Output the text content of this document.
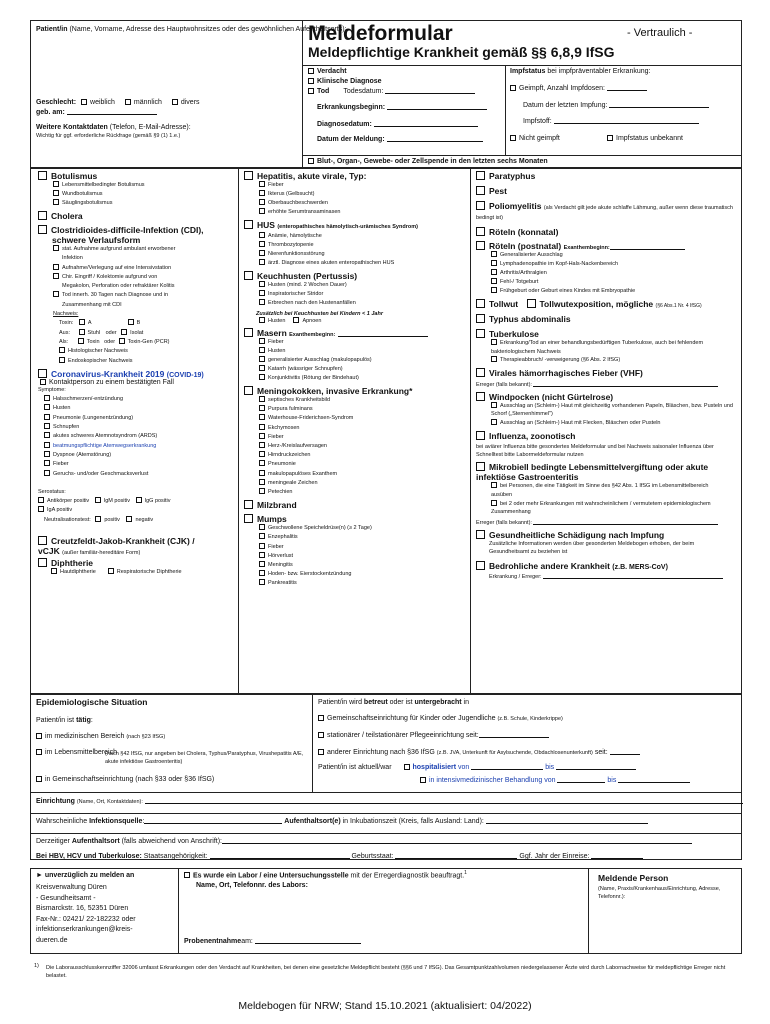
Patient/in (Name, Vorname, Adresse des Hauptwohnsitzes oder des gewöhnlichen Aufenthaltsorts):
Meldeformular	- Vertraulich -
Meldepflichtige Krankheit gemäß §§ 6,8,9 IfSG
Geschlecht: weiblich	männlich	divers
geb. am:
Weitere Kontaktdaten (Telefon, E-Mail-Adresse):
Wichtig für ggf. erforderliche Rückfrage (gemäß §9 (1) 1.e.)
Verdacht
Klinische Diagnose
Tod Todesdatum:
Erkrankungsbeginn:
Diagnosedatum:
Datum der Meldung:
Blut-, Organ-, Gewebe- oder Zellspende in den letzten sechs Monaten
Impfstatus bei impfpräventabler Erkrankung:
Geimpft, Anzahl Impfdosen:
Datum der letzten Impfung:
Impfstoff:
Nicht geimpft	Impfstatus unbekannt
Botulismus
Lebensmittelbedingter Botulismus
Wundbotulismus
Säuglingsbotulismus
Cholera
Clostridioides-difficile-Infektion (CDI),
schwere Verlaufsform
stat. Aufnahme aufgrund ambulant erworbener
Infektion
Aufnahme/Verlegung auf eine Intensivstation
Chir. Eingriff / Kolektomie aufgrund von
Megakolon, Perforation oder refraktärer Kolitis
Tod innerh. 30 Tagen nach Diagnose und in
Zusammenhang mit CDI
Nachweis:
Toxin:	A	B
Aus:	Stuhl oder Isolat
Als:	Toxin oder Toxin-Gen (PCR)
Histologischer Nachweis
Endoskopischer Nachweis
Coronavirus-Krankheit 2019 (COVID-19)
Kontaktperson zu einem bestätigten Fall
Symptome:
Halsschmerzen/-entzündung
Husten
Pneumonie (Lungenentzündung)
Schnupfen
akutes schweres Atemnotsyndrom (ARDS)
beatmungspflichtige Atemwegserkrankung
Dyspnoe (Atemstörung)
Fieber
Geruchs- und/oder Geschmacksverlust
Serostatus:
Antikörper positiv	IgM positiv	IgG positiv
IgA positiv
Neutralisationstest: positiv	negativ
Creutzfeldt-Jakob-Krankheit (CJK) /
vCJK (außer familiär-hereditäre Form)
Diphtherie
Hautdiphtherie	Respiratorische Diphtherie
Hepatitis, akute virale, Typ:
Fieber
Ikterus (Gelbsucht)
Oberbauchbeschwerden
erhöhte Serumtransaminasen
HUS (enteropathisches hämolytisch-urämisches Syndrom)
Anämie, hämolytische
Thrombozytopenie
Nierenfunktionsstörung
ärztl. Diagnose eines akuten enteropathischen HUS
Keuchhusten (Pertussis)
Husten (mind. 2 Wochen Dauer)
Inspiratorischer Stridor
Erbrechen nach den Hustenanfällen
Zusätzlich bei Keuchhusten bei Kindern < 1 Jahr
Husten	Apnoen
Masern Exanthembeginn:
Fieber
Husten
generalisierter Ausschlag (makulopapulös)
Katarrh (wässriger Schnupfen)
Konjunktivitis (Rötung der Bindehaut)
Meningokokken, invasive Erkrankung*
septisches Krankheitsbild
Purpura fulminans
Waterhouse-Friderichsen-Syndrom
Ekchymosen
Fieber
Herz-/Kreislaufversagen
Hirndruckzeichen
Pneumonie
makulopapulöses Exanthem
meningeale Zeichen
Petechien
Milzbrand
Mumps
Geschwollene Speicheldrüse(n) (≥ 2 Tage)
Enzephalitis
Fieber
Hörverlust
Meningitis
Hoden- bzw. Eierstockentzündung
Pankreatitis
Paratyphus
Pest
Poliomyelitis (als Verdacht gilt jede akute schlaffe Lähmung, außer wenn diese traumatisch bedingt ist)
Röteln (konnatal)
Röteln (postnatal) Exanthembeginn:
Generalisierter Ausschlag
Lymphadenopathie im Kopf-Hals-Nackenbereich
Arthritis/Arthralgien
Fehl-/ Totgeburt
Frühgeburt oder Geburt eines Kindes mit Embryopathie
Tollwut	Tollwutexposition, mögliche (§6 Abs.1 Nr. 4 IfSG)
Typhus abdominalis
Tuberkulose
Erkrankung/Tod an einer behandlungsbedürftigen Tuberkulose, auch bei fehlendem bakteriologischem Nachweis
Therapieabbruch/ -verweigerung (§6 Abs. 2 IfSG)
Virales hämorrhagisches Fieber (VHF)
Erreger (falls bekannt):
Windpocken (nicht Gürtelrose)
Ausschlag an (Schleim-) Haut mit gleichzeitig vorhandenen Papeln, Bläschen, bzw. Pusteln und Schorf („Sternenhimmel")
Ausschlag an (Schleim-) Haut mit Flecken, Bläschen oder Pusteln
Influenza, zoonotisch
bei aviärer Influenza bitte gesondertes Meldeformular und bei Nachweis saisonaler Influenza über Schnelltest bitte Labormeldeformular nutzen
Mikrobiell bedingte Lebensmittelvergiftung oder akute infektiöse Gastroenteritis
bei Personen, die eine Tätigkeit im Sinne des §42 Abs. 1 IfSG im Lebensmittelbereich ausüben
bei 2 oder mehr Erkrankungen mit wahrscheinlichem / vermutetem epidemiologischem Zusammenhang
Erreger (falls bekannt):
Gesundheitliche Schädigung nach Impfung
Zusätzliche Informationen werden über gesonderten Meldebogen erhoben, der beim Gesundheitsamt zu beziehen ist
Bedrohliche andere Krankheit (z.B. MERS-CoV)
Erkrankung / Erreger:
Epidemiologische Situation
Patient/in ist tätig:
im medizinischen Bereich (nach §23 IfSG)
im Lebensmittelbereich
(nach §42 IfSG, nur angeben bei Cholera, Typhus/Paratyphus, Virushepatitis A/E, akute infektiöse Gastroenteritis)
in Gemeinschaftseinrichtung (nach §33 oder §36 IfSG)
Patient/in wird betreut oder ist untergebracht in
Gemeinschaftseinrichtung für Kinder oder Jugendliche (z.B. Schule, Kinderkrippe)
stationärer / teilstationärer Pflegeeinrichtung seit:
anderer Einrichtung nach §36 IfSG (z.B. JVA, Unterkunft für Asylsuchende, Obdachlosenunterkunft) seit:
Patient/in ist aktuell/war	hospitalisiert von	bis
in intensivmedizinischer Behandlung von	bis
Einrichtung (Name, Ort, Kontaktdaten):
Wahrscheinliche Infektionsquelle:	Aufenthaltsort(e) in Inkubationszeit (Kreis, falls Ausland: Land):
Derzeitiger Aufenthaltsort (falls abweichend von Anschrift):
Bei HBV, HCV und Tuberkulose: Staatsangehörigkeit:	Geburtsstaat:	Ggf. Jahr der Einreise:
► unverzüglich zu melden an
Kreisverwaltung Düren
- Gesundheitsamt -
Bismarckstr. 16, 52351 Düren
Fax-Nr.: 02421/ 22-182232 oder
infektionserkrankungen@kreis-
dueren.de
Es wurde ein Labor / eine Untersuchungsstelle mit der Erregerdiagnostik beauftragt.$^1$
Name, Ort, Telefonnr. des Labors:
Probenentnahmeam:
Meldende Person
(Name, Praxis/Krankenhaus/Einrichtung, Adresse, Telefonnr.):
1) Die Laborausschlusskennziffer 32006 umfasst Erkrankungen oder den Verdacht auf Krankheiten, bei denen eine gesetzliche Meldepflicht besteht (§§6 und 7 IfSG). Das Gesamtpunktzahlvolumen niedergelassener Ärzte wird durch Labornachweise für meldepflichtige Erreger nicht belastet.
Meldebogen für NRW; Stand 15.10.2021 (aktualisiert: 04/2022)
